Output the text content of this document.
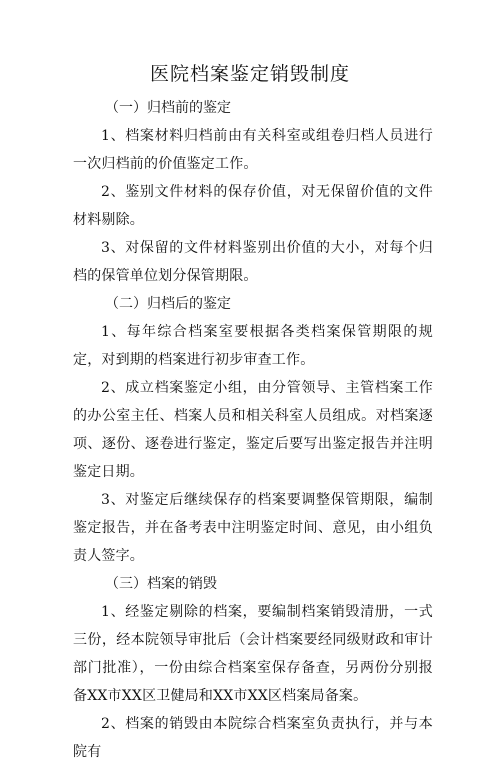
医院档案鉴定销毁制度

（一）归档前的鉴定

1、档案材料归档前由有关科室或组卷归档人员进行一次归档前的价值鉴定工作。

2、鉴别文件材料的保存价值，对无保留价值的文件材料剔除。

3、对保留的文件材料鉴别出价值的大小，对每个归档的保管单位划分保管期限。

（二）归档后的鉴定

1、每年综合档案室要根据各类档案保管期限的规定，对到期的档案进行初步审查工作。

2、成立档案鉴定小组，由分管领导、主管档案工作的办公室主任、档案人员和相关科室人员组成。对档案逐项、逐份、逐卷进行鉴定，鉴定后要写出鉴定报告并注明鉴定日期。

3、对鉴定后继续保存的档案要调整保管期限，编制鉴定报告，并在备考表中注明鉴定时间、意见，由小组负责人签字。

（三）档案的销毁

1、经鉴定剔除的档案，要编制档案销毁清册，一式三份，经本院领导审批后（会计档案要经同级财政和审计部门批准），一份由综合档案室保存备查，另两份分别报备XX市XX区卫健局和XX市XX区档案局备案。

2、档案的销毁由本院综合档案室负责执行，并与本院有
